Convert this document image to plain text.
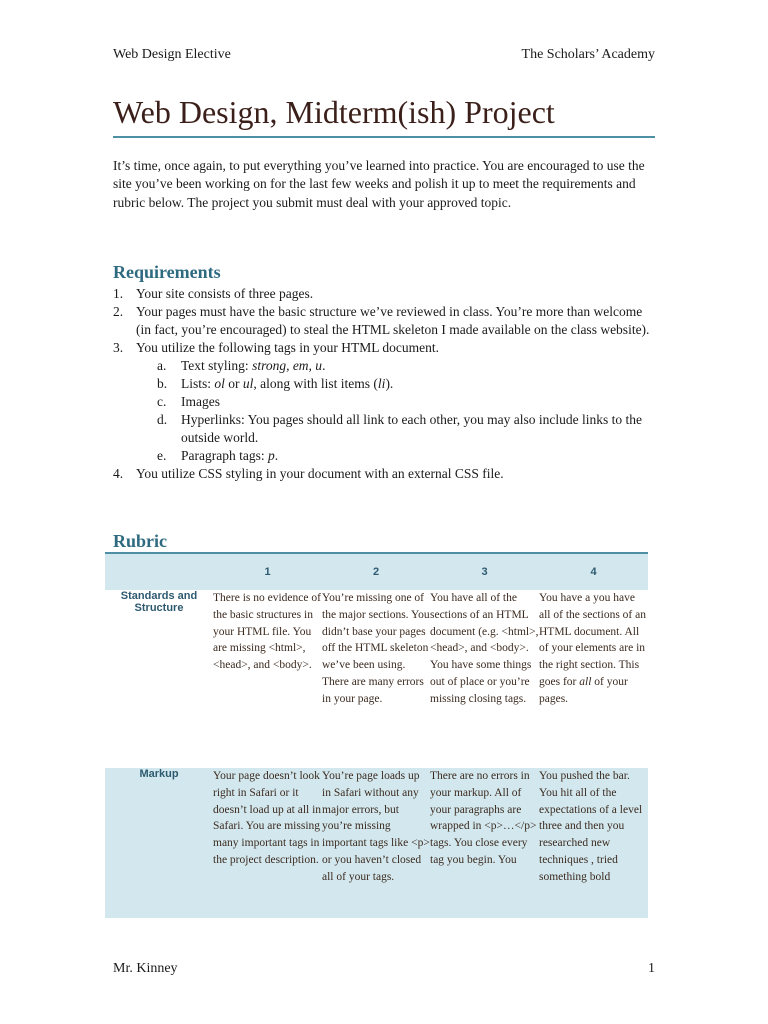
Web Design Elective	The Scholars’ Academy
Web Design, Midterm(ish) Project

It’s time, once again, to put everything you’ve learned into practice. You are encouraged to use the site you’ve been working on for the last few weeks and polish it up to meet the requirements and rubric below. The project you submit must deal with your approved topic.

Requirements
1. Your site consists of three pages.
2. Your pages must have the basic structure we’ve reviewed in class. You’re more than welcome (in fact, you’re encouraged) to steal the HTML skeleton I made available on the class website).
3. You utilize the following tags in your HTML document.
a. Text styling: strong, em, u.
b. Lists: ol or ul, along with list items (li).
c. Images
d. Hyperlinks: You pages should all link to each other, you may also include links to the outside world.
e. Paragraph tags: p.
4. You utilize CSS styling in your document with an external CSS file.
Rubric
	1	2	3	4
Standards and Structure	There is no evidence of the basic structures in your HTML file. You are missing <html>, <head>, and <body>.	You’re missing one of the major sections. You didn’t base your pages off the HTML skeleton we’ve been using. There are many errors in your page.	You have all of the sections of an HTML document (e.g. <html>, <head>, and <body>. You have some things out of place or you’re missing closing tags.	You have a you have all of the sections of an HTML document. All of your elements are in the right section. This goes for all of your pages.
Markup	Your page doesn’t look right in Safari or it doesn’t load up at all in Safari. You are missing many important tags in the project description.	You’re page loads up in Safari without any major errors, but you’re missing important tags like <p> or you haven’t closed all of your tags.	There are no errors in your markup. All of your paragraphs are wrapped in <p>…</p> tags. You close every tag you begin. You	You pushed the bar. You hit all of the expectations of a level three and then you researched new techniques , tried something bold
Mr. Kinney	1
